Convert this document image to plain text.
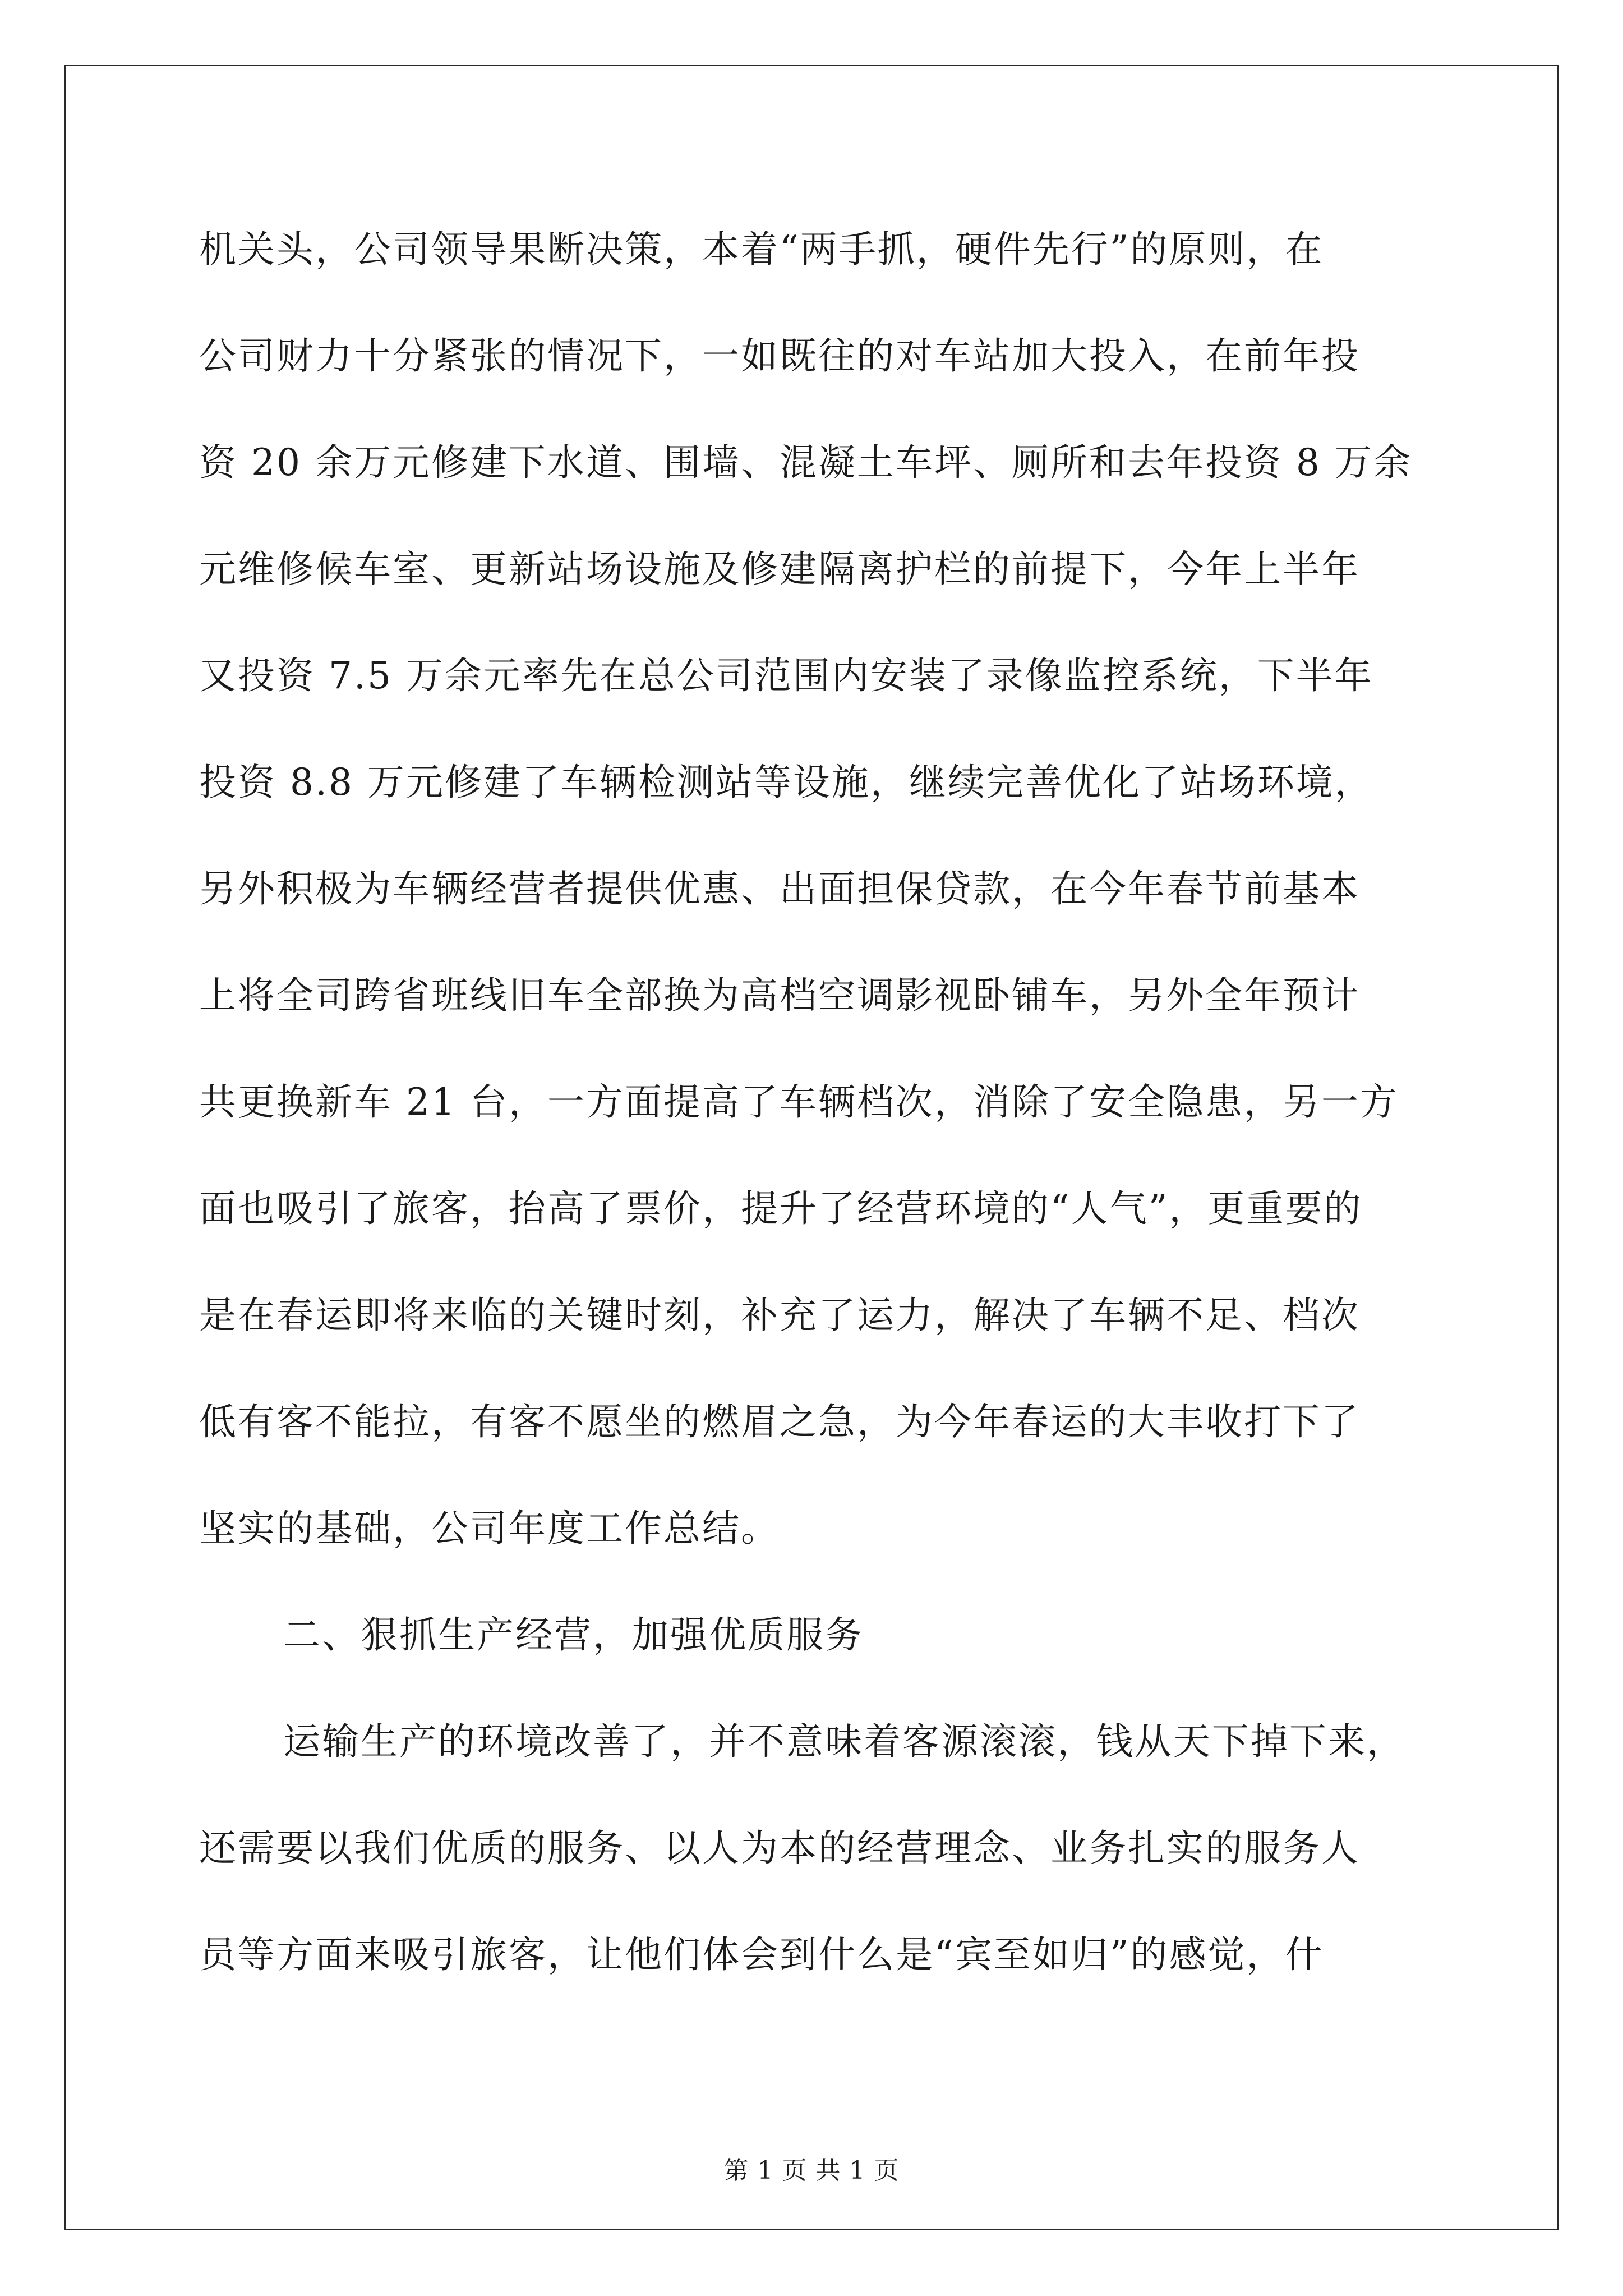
机关头，公司领导果断决策，本着“两手抓，硬件先行”的原则，在
公司财力十分紧张的情况下，一如既往的对车站加大投入，在前年投
资 20 余万元修建下水道、围墙、混凝土车坪、厕所和去年投资 8 万余
元维修候车室、更新站场设施及修建隔离护栏的前提下，今年上半年
又投资 7.5 万余元率先在总公司范围内安装了录像监控系统，下半年
投资 8.8 万元修建了车辆检测站等设施，继续完善优化了站场环境，
另外积极为车辆经营者提供优惠、出面担保贷款，在今年春节前基本
上将全司跨省班线旧车全部换为高档空调影视卧铺车，另外全年预计
共更换新车 21 台，一方面提高了车辆档次，消除了安全隐患，另一方
面也吸引了旅客，抬高了票价，提升了经营环境的“人气”，更重要的
是在春运即将来临的关键时刻，补充了运力，解决了车辆不足、档次
低有客不能拉，有客不愿坐的燃眉之急，为今年春运的大丰收打下了
坚实的基础，公司年度工作总结。
二、狠抓生产经营，加强优质服务
运输生产的环境改善了，并不意味着客源滚滚，钱从天下掉下来，
还需要以我们优质的服务、以人为本的经营理念、业务扎实的服务人
员等方面来吸引旅客，让他们体会到什么是“宾至如归”的感觉，什
第 1 页 共 1 页
